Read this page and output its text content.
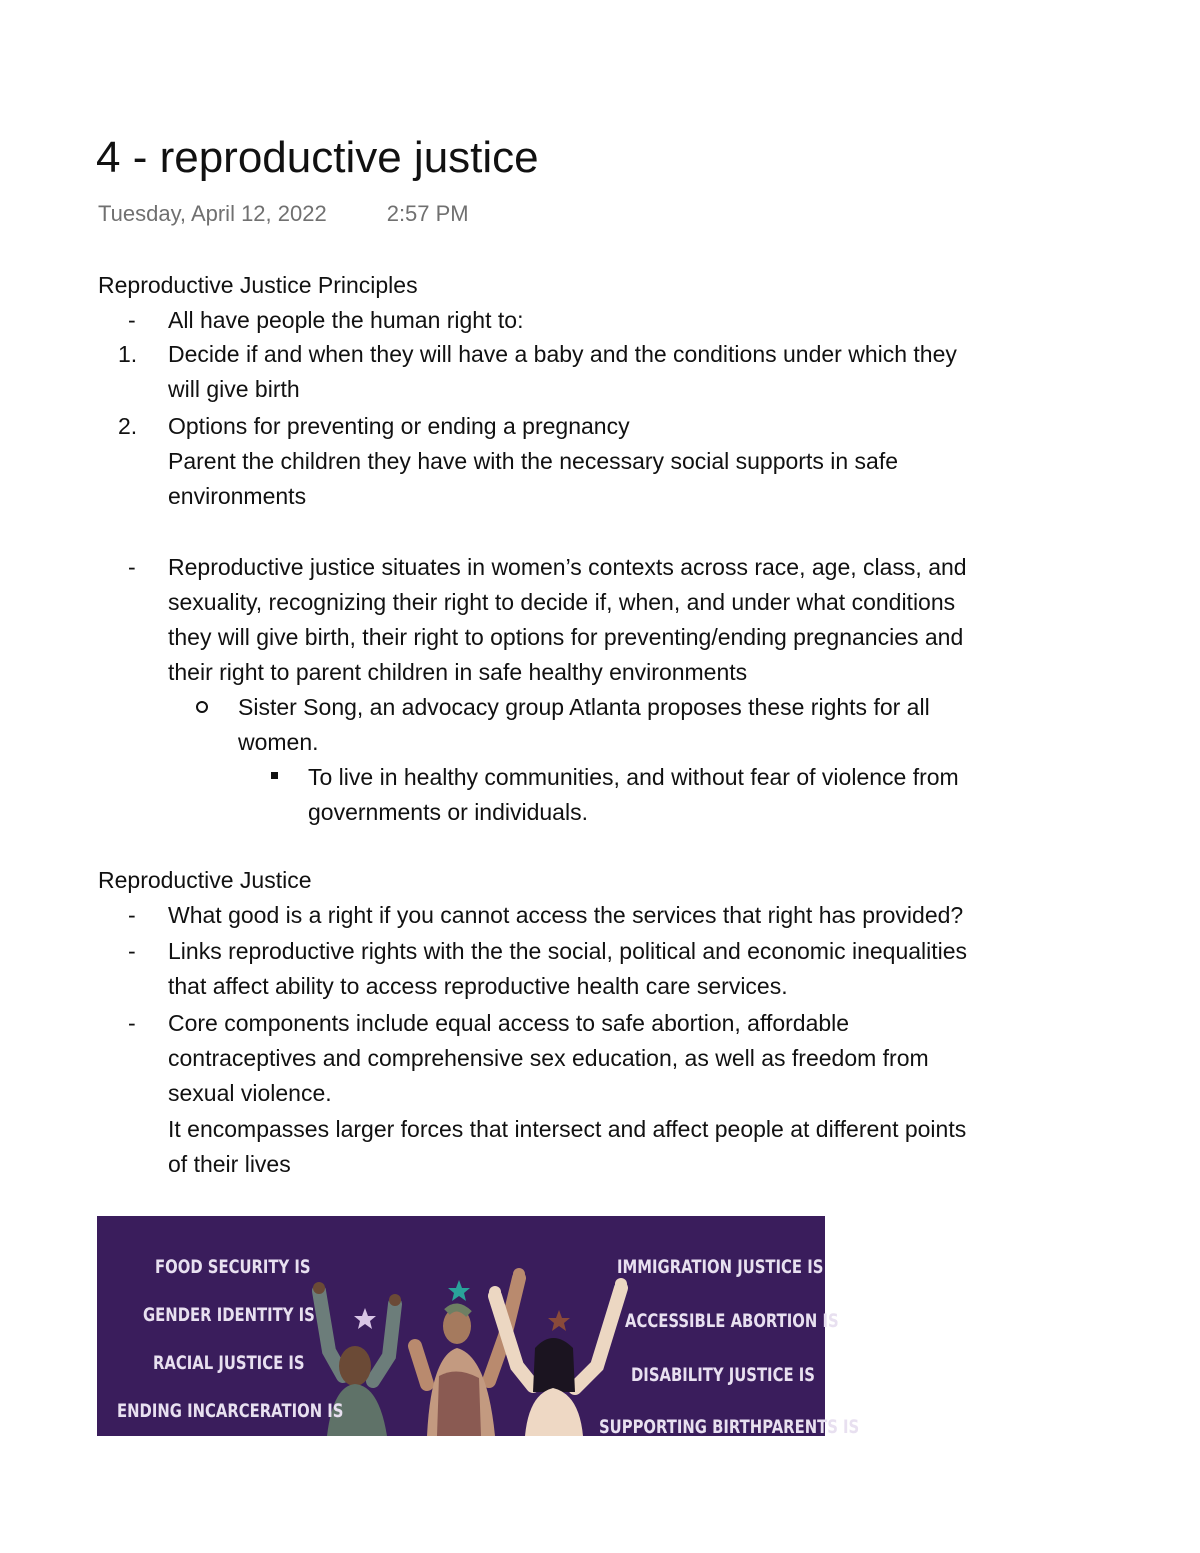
4 - reproductive justice
Tuesday, April 12, 2022	2:57 PM
Reproductive Justice Principles
- All have people the human right to:
1. Decide if and when they will have a baby and the conditions under which they
will give birth
2. Options for preventing or ending a pregnancy
Parent the children they have with the necessary social supports in safe
environments
- Reproductive justice situates in women’s contexts across race, age, class, and
sexuality, recognizing their right to decide if, when, and under what conditions
they will give birth, their right to options for preventing/ending pregnancies and
their right to parent children in safe healthy environments
Sister Song, an advocacy group Atlanta proposes these rights for all
women.
To live in healthy communities, and without fear of violence from
governments or individuals.
Reproductive Justice
- What good is a right if you cannot access the services that right has provided?
- Links reproductive rights with the the social, political and economic inequalities
that affect ability to access reproductive health care services.
- Core components include equal access to safe abortion, affordable
contraceptives and comprehensive sex education, as well as freedom from
sexual violence.
It encompasses larger forces that intersect and affect people at different points
of their lives
FOOD SECURITY IS
GENDER IDENTITY IS
RACIAL JUSTICE IS
ENDING INCARCERATION IS
IMMIGRATION JUSTICE IS
ACCESSIBLE ABORTION IS
DISABILITY JUSTICE IS
SUPPORTING BIRTHPARENTS IS
